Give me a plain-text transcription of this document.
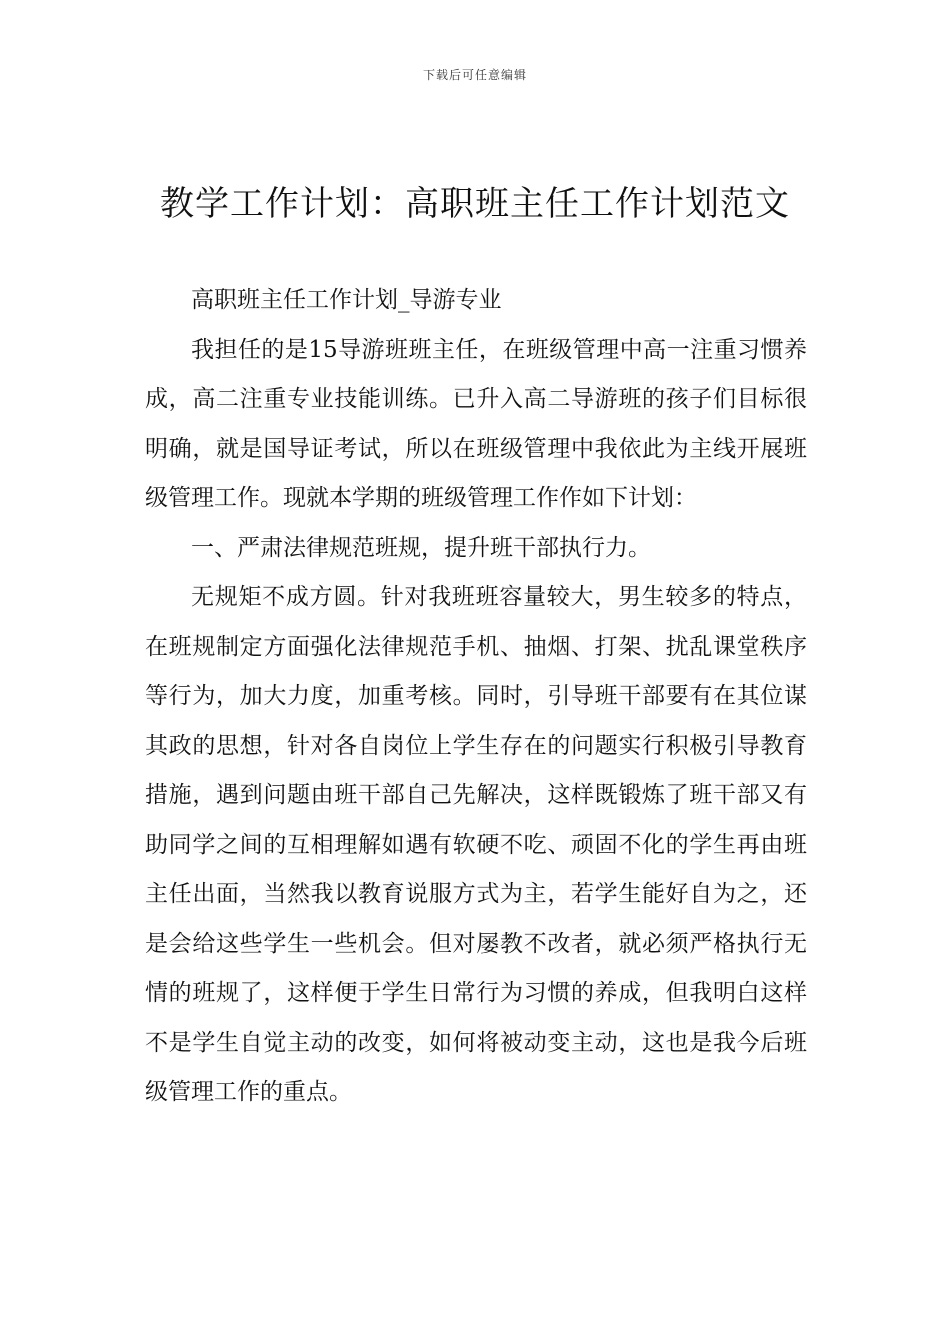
下载后可任意编辑
教学工作计划：高职班主任工作计划范文

高职班主任工作计划_导游专业

我担任的是15导游班班主任，在班级管理中高一注重习惯养成，高二注重专业技能训练。已升入高二导游班的孩子们目标很明确，就是国导证考试，所以在班级管理中我依此为主线开展班级管理工作。现就本学期的班级管理工作作如下计划：

一、严肃法律规范班规，提升班干部执行力。

无规矩不成方圆。针对我班班容量较大，男生较多的特点，在班规制定方面强化法律规范手机、抽烟、打架、扰乱课堂秩序等行为，加大力度，加重考核。同时，引导班干部要有在其位谋其政的思想，针对各自岗位上学生存在的问题实行积极引导教育措施，遇到问题由班干部自己先解决，这样既锻炼了班干部又有助同学之间的互相理解如遇有软硬不吃、顽固不化的学生再由班主任出面，当然我以教育说服方式为主，若学生能好自为之，还是会给这些学生一些机会。但对屡教不改者，就必须严格执行无情的班规了，这样便于学生日常行为习惯的养成，但我明白这样不是学生自觉主动的改变，如何将被动变主动，这也是我今后班级管理工作的重点。
